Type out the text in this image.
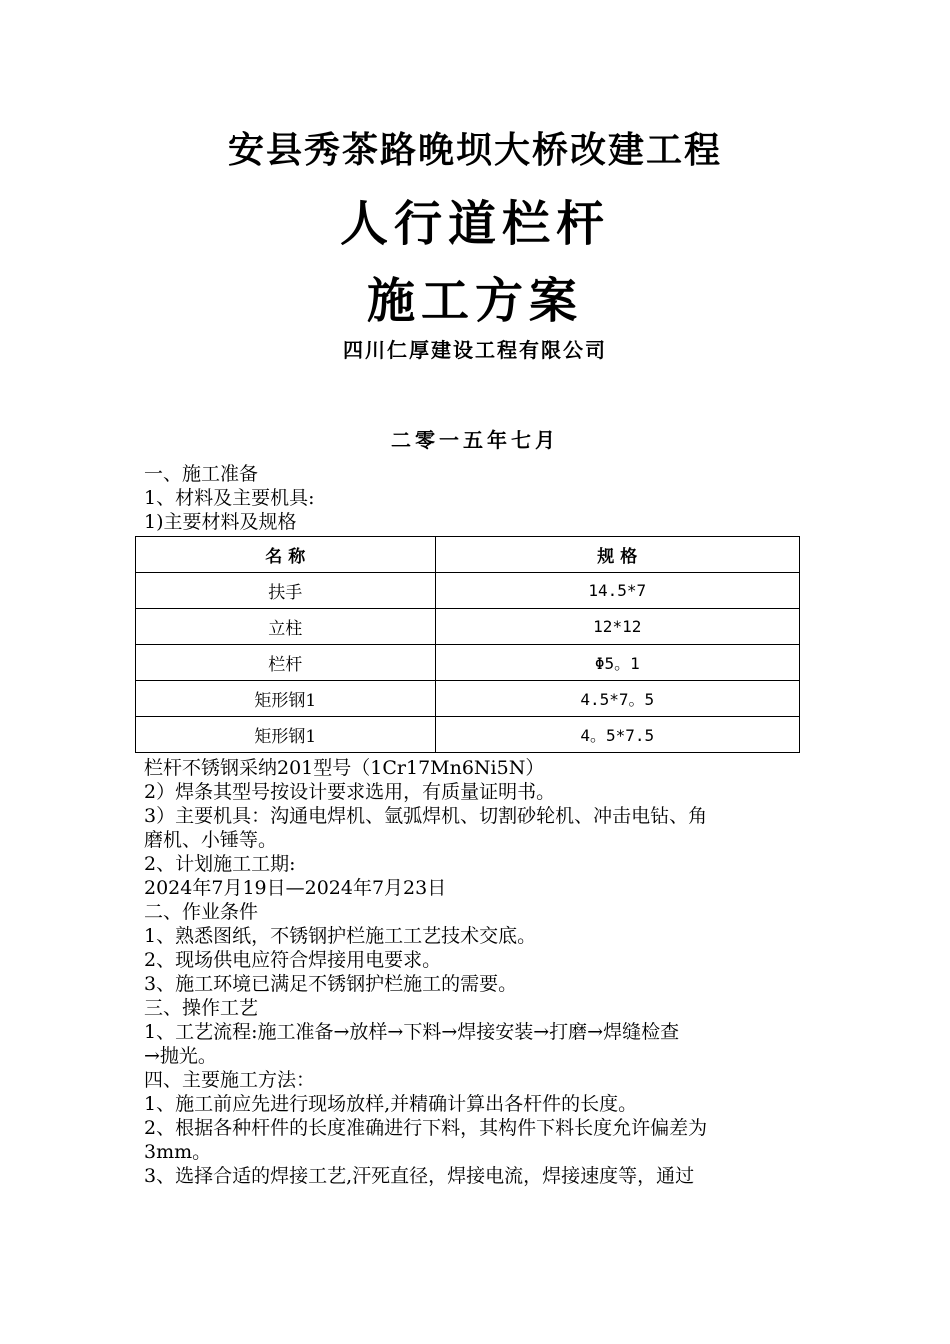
安县秀茶路晚坝大桥改建工程
人行道栏杆
施工方案
四川仁厚建设工程有限公司
二零一五年七月
一、施工准备
1、材料及主要机具:
1)主要材料及规格
名 称	规 格
扶手	14.5*7
立柱	12*12
栏杆	Φ5。1
矩形钢1	4.5*7。5
矩形钢1	4。5*7.5
栏杆不锈钢采纳201型号（1Cr17Mn6Ni5N）
2）焊条其型号按设计要求选用，有质量证明书。
3）主要机具：沟通电焊机、氩弧焊机、切割砂轮机、冲击电钻、角
磨机、小锤等。
2、计划施工工期:
2024年7月19日—2024年7月23日
二、作业条件
1、熟悉图纸，不锈钢护栏施工工艺技术交底。
2、现场供电应符合焊接用电要求。
3、施工环境已满足不锈钢护栏施工的需要。
三、操作工艺
1、工艺流程:施工准备→放样→下料→焊接安装→打磨→焊缝检查
→抛光。
四、主要施工方法：
1、施工前应先进行现场放样,并精确计算出各杆件的长度。
2、根据各种杆件的长度准确进行下料，其构件下料长度允许偏差为
3mm。
3、选择合适的焊接工艺,汗死直径，焊接电流，焊接速度等，通过
